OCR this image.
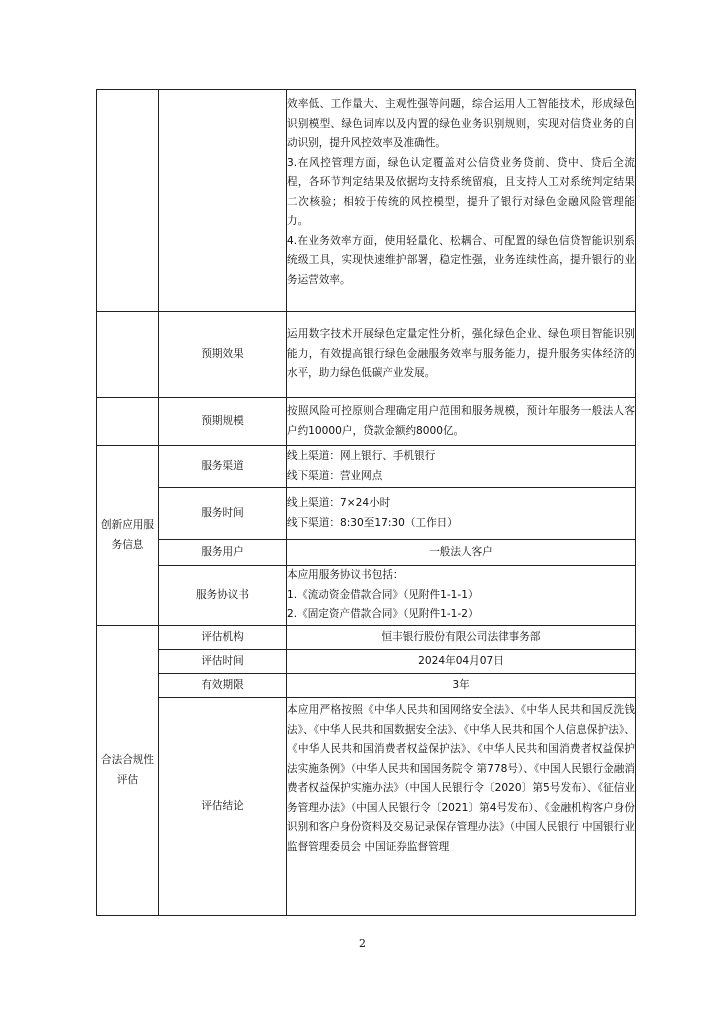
		效率低、工作量大、主观性强等问题，综合运用人工智能技术，形成绿色识别模型、绿色词库以及内置的绿色业务识别规则，实现对信贷业务的自动识别，提升风控效率及准确性。
3.在风控管理方面，绿色认定覆盖对公信贷业务贷前、贷中、贷后全流程，各环节判定结果及依据均支持系统留痕，且支持人工对系统判定结果二次核验；相较于传统的风控模型，提升了银行对绿色金融风险管理能力。
4.在业务效率方面，使用轻量化、松耦合、可配置的绿色信贷智能识别系统级工具，实现快速维护部署，稳定性强，业务连续性高，提升银行的业务运营效率。

	预期效果	运用数字技术开展绿色定量定性分析，强化绿色企业、绿色项目智能识别能力，有效提高银行绿色金融服务效率与服务能力，提升服务实体经济的水平，助力绿色低碳产业发展。
	预期规模	按照风险可控原则合理确定用户范围和服务规模，预计年服务一般法人客户约10000户，贷款金额约8000亿。
创新应用服务信息	服务渠道	线上渠道：网上银行、手机银行
线下渠道：营业网点

	服务时间	线上渠道：7×24小时
线下渠道：8:30至17:30（工作日）

	服务用户	一般法人客户
	服务协议书	本应用服务协议书包括：
1.《流动资金借款合同》（见附件1-1-1）
2.《固定资产借款合同》（见附件1-1-2）

合法合规性评估	评估机构	恒丰银行股份有限公司法律事务部
	评估时间	2024年04月07日
	有效期限	3年
	评估结论	本应用严格按照《中华人民共和国网络安全法》、《中华人民共和国反洗钱法》、《中华人民共和国数据安全法》、《中华人民共和国个人信息保护法》、《中华人民共和国消费者权益保护法》、《中华人民共和国消费者权益保护法实施条例》（中华人民共和国国务院令 第778号）、《中国人民银行金融消费者权益保护实施办法》（中国人民银行令〔2020〕第5号发布）、《征信业务管理办法》（中国人民银行令〔2021〕第4号发布）、《金融机构客户身份识别和客户身份资料及交易记录保存管理办法》（中国人民银行 中国银行业监督管理委员会 中国证券监督管理
2
